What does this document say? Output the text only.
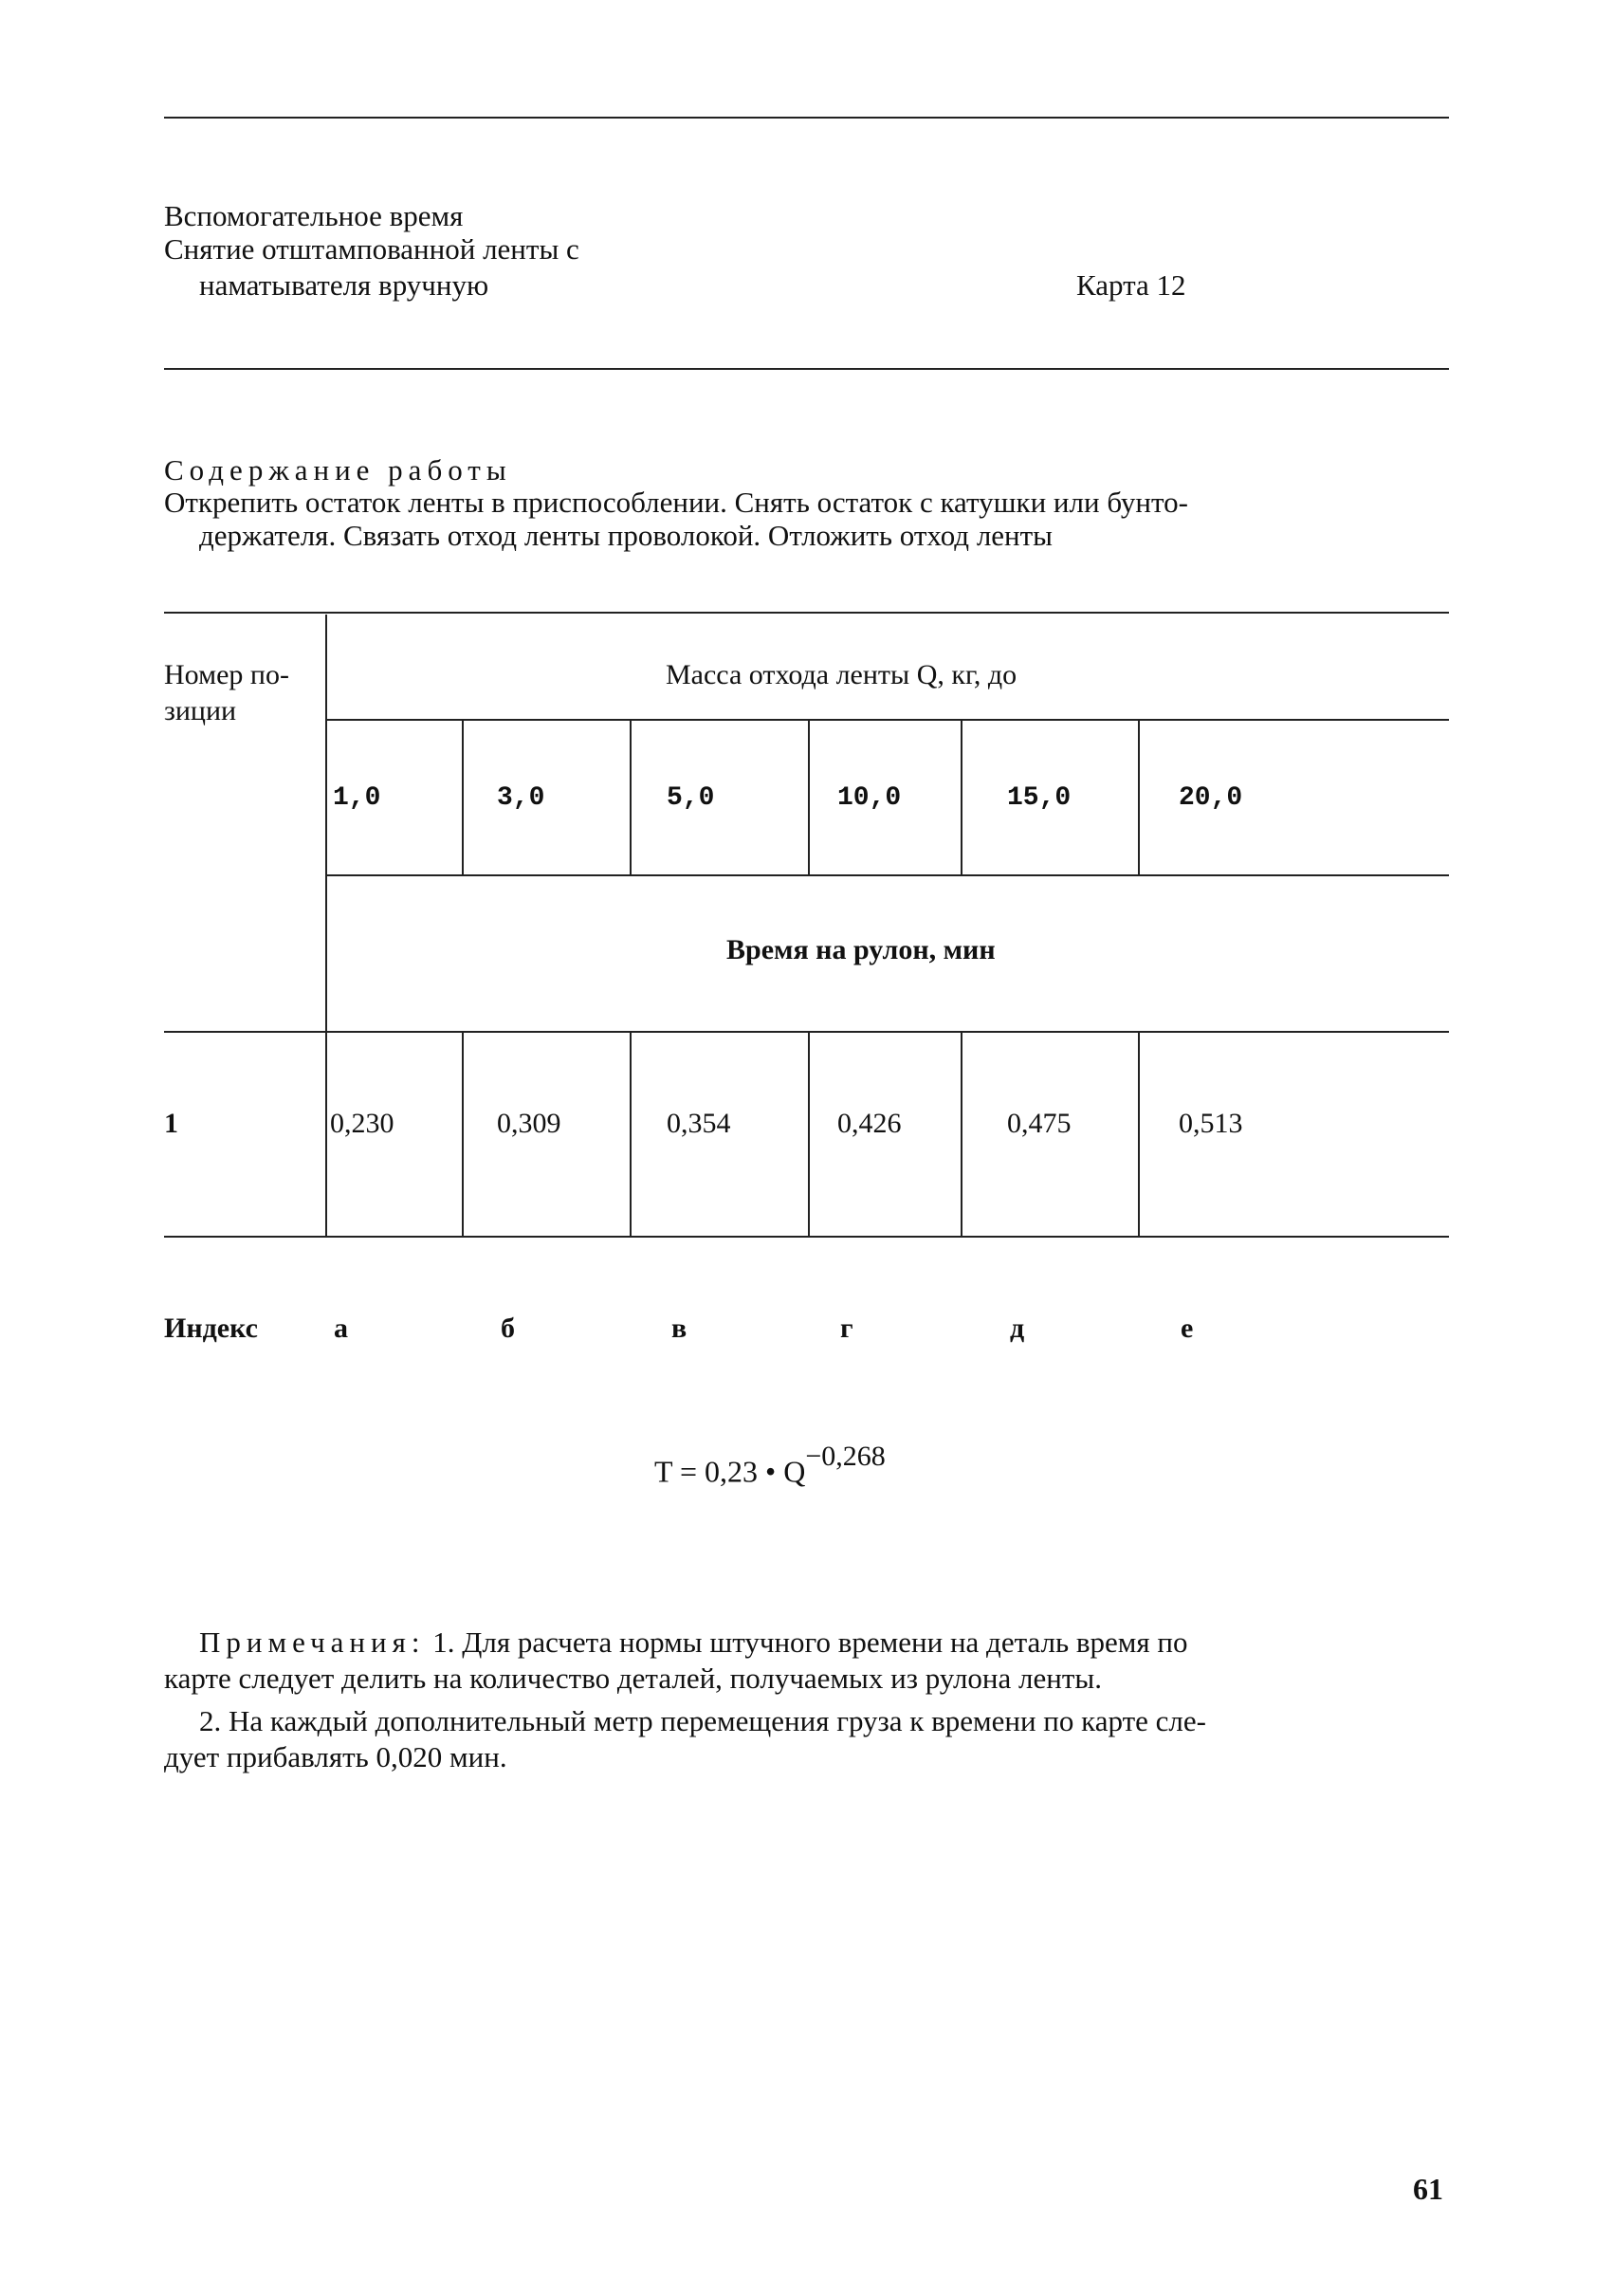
Вспомогательное время
Снятие отштампованной ленты с
наматывателя вручную	Карта 12
Содержание работы
Открепить остаток ленты в приспособлении. Снять остаток с катушки или бунто-
держателя. Связать отход ленты проволокой. Отложить отход ленты
Номер по-
зиции
Масса отхода ленты Q, кг, до
1,0	3,0	5,0	10,0	15,0	20,0
Время на рулон, мин
1	0,230	0,309	0,354	0,426	0,475	0,513
Индекс	а	б	в	г	д	е
T = 0,23 • $Q^{-0,268}$
Примечания: 1. Для расчета нормы штучного времени на деталь время по
карте следует делить на количество деталей, получаемых из рулона ленты.
2. На каждый дополнительный метр перемещения груза к времени по карте сле-
дует прибавлять 0,020 мин.
61
